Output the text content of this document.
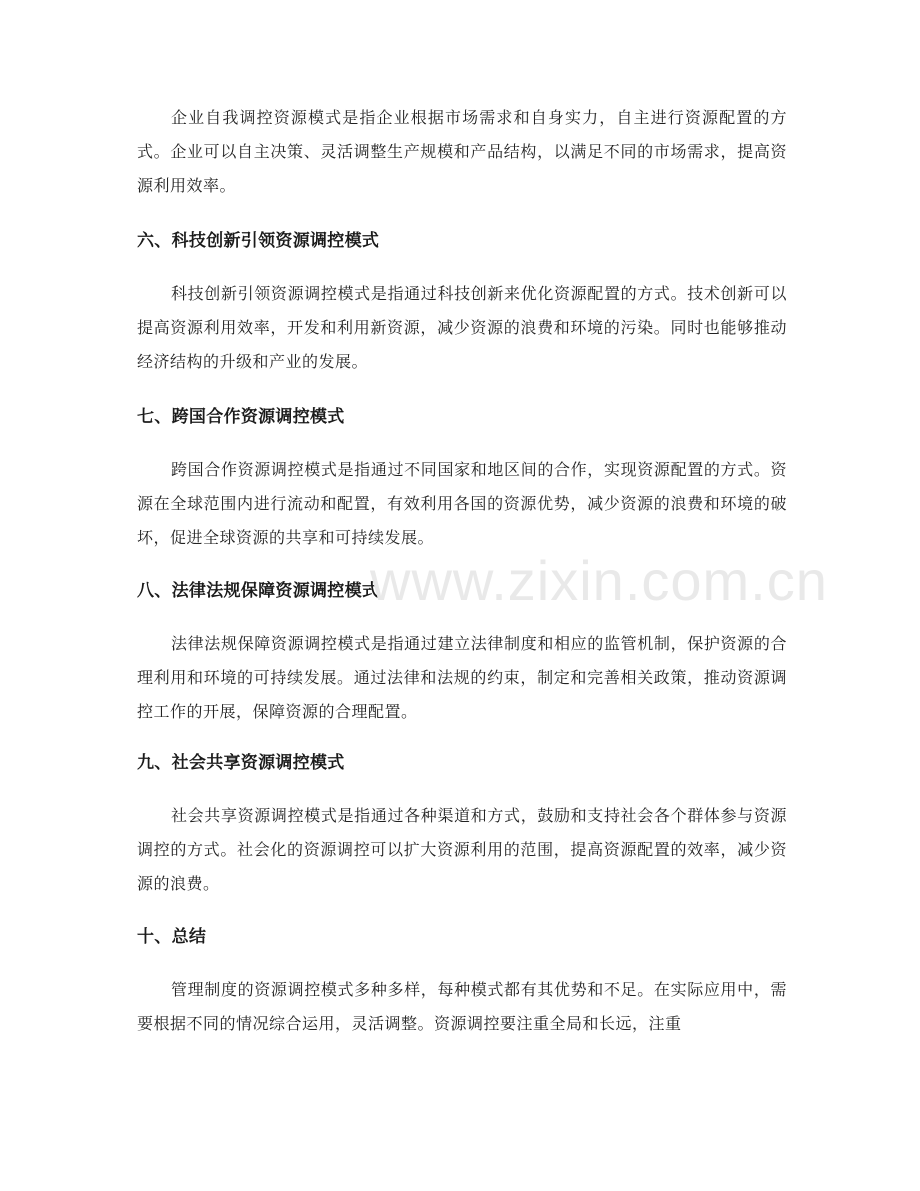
企业自我调控资源模式是指企业根据市场需求和自身实力，自主进行资源配置的方式。企业可以自主决策、灵活调整生产规模和产品结构，以满足不同的市场需求，提高资源利用效率。

六、科技创新引领资源调控模式

科技创新引领资源调控模式是指通过科技创新来优化资源配置的方式。技术创新可以提高资源利用效率，开发和利用新资源，减少资源的浪费和环境的污染。同时也能够推动经济结构的升级和产业的发展。

七、跨国合作资源调控模式

跨国合作资源调控模式是指通过不同国家和地区间的合作，实现资源配置的方式。资源在全球范围内进行流动和配置，有效利用各国的资源优势，减少资源的浪费和环境的破坏，促进全球资源的共享和可持续发展。

八、法律法规保障资源调控模式

法律法规保障资源调控模式是指通过建立法律制度和相应的监管机制，保护资源的合理利用和环境的可持续发展。通过法律和法规的约束，制定和完善相关政策，推动资源调控工作的开展，保障资源的合理配置。

九、社会共享资源调控模式

社会共享资源调控模式是指通过各种渠道和方式，鼓励和支持社会各个群体参与资源调控的方式。社会化的资源调控可以扩大资源利用的范围，提高资源配置的效率，减少资源的浪费。

十、总结

管理制度的资源调控模式多种多样，每种模式都有其优势和不足。在实际应用中，需要根据不同的情况综合运用，灵活调整。资源调控要注重全局和长远，注重

www.zixin.com.cn
